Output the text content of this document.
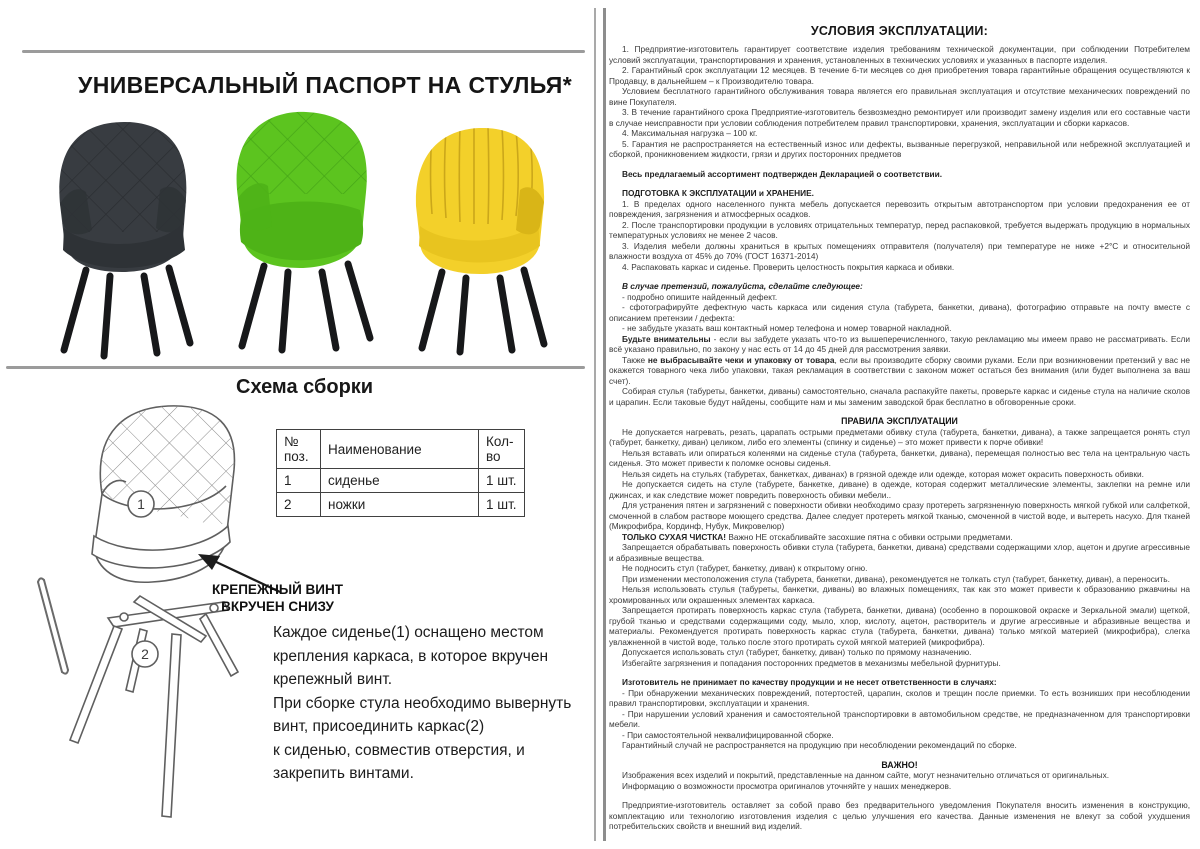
УНИВЕРСАЛЬНЫЙ ПАСПОРТ НА СТУЛЬЯ*
Схема сборки
1
2
№ поз.	Наименование	Кол-во
1	сиденье	1 шт.
2	ножки	1 шт.
КРЕПЕЖНЫЙ ВИНТ
ВКРУЧЕН СНИЗУ
Каждое сиденье(1) оснащено местом
крепления каркаса, в которое вкручен
крепежный винт.
При сборке стула необходимо вывернуть
винт, присоединить каркас(2)
к сиденью, совместив отверстия, и
закрепить винтами.

УСЛОВИЯ ЭКСПЛУАТАЦИИ:

1. Предприятие-изготовитель гарантирует соответствие изделия требованиям технической документации, при соблюдении Потребителем условий эксплуатации, транспортирования и хранения, установленных в технических условиях и указанных в паспорте изделия.

2. Гарантийный срок эксплуатации 12 месяцев. В течение 6-ти месяцев со дня приобретения товара гарантийные обращения осуществляются к Продавцу, в дальнейшем – к Производителю товара.

Условием бесплатного гарантийного обслуживания товара является его правильная эксплуатация и отсутствие механических повреждений по вине Покупателя.

3. В течение гарантийного срока Предприятие-изготовитель безвозмездно ремонтирует или производит замену изделия или его составные части в случае неисправности при условии соблюдения потребителем правил транспортировки, хранения, эксплуатации и сборки каркасов.

4. Максимальная нагрузка – 100 кг.

5. Гарантия не распространяется на естественный износ или дефекты, вызванные перегрузкой, неправильной или небрежной эксплуатацией и сборкой, проникновением жидкости, грязи и других посторонних предметов

Весь предлагаемый ассортимент подтвержден Декларацией о соответствии.

ПОДГОТОВКА К ЭКСПЛУАТАЦИИ и ХРАНЕНИЕ.

1. В пределах одного населенного пункта мебель допускается перевозить открытым автотранспортом при условии предохранения ее от повреждения, загрязнения и атмосферных осадков.

2. После транспортировки продукции в условиях отрицательных температур, перед распаковкой, требуется выдержать продукцию в нормальных температурных условиях не менее 2 часов.

3. Изделия мебели должны храниться в крытых помещениях отправителя (получателя) при температуре не ниже +2°С и относительной влажности воздуха от 45% до 70% (ГОСТ 16371-2014)

4. Распаковать каркас и сиденье. Проверить целостность покрытия каркаса и обивки.

В случае претензий, пожалуйста, сделайте следующее:

- подробно опишите найденный дефект.

- сфотографируйте дефектную часть каркаса или сидения стула (табурета, банкетки, дивана), фотографию отправьте на почту вместе с описанием претензии / дефекта:

- не забудьте указать ваш контактный номер телефона и номер товарной накладной.

Будьте внимательны - если вы забудете указать что-то из вышеперечисленного, такую рекламацию мы имеем право не рассматривать. Если всё указано правильно, по закону у нас есть от 14 до 45 дней для рассмотрения заявки.

Также не выбрасывайте чеки и упаковку от товара, если вы производите сборку своими руками. Если при возникновении претензий у вас не окажется товарного чека либо упаковки, такая рекламация в соответствии с законом может остаться без внимания (или будет выполнена за ваш счет).

Собирая стулья (табуреты, банкетки, диваны) самостоятельно, сначала распакуйте пакеты, проверьте каркас и сиденье стула на наличие сколов и царапин. Если таковые будут найдены, сообщите нам и мы заменим заводской брак бесплатно в обговоренные сроки.

ПРАВИЛА ЭКСПЛУАТАЦИИ

Не допускается нагревать, резать, царапать острыми предметами обивку стула (табурета, банкетки, дивана), а также запрещается ронять стул (табурет, банкетку, диван) целиком, либо его элементы (спинку и сиденье) – это может привести к порче обивки!

Нельзя вставать или опираться коленями на сиденье стула (табурета, банкетки, дивана), перемещая полностью вес тела на центральную часть сиденья. Это может привести к поломке основы сиденья.

Нельзя сидеть на стульях (табуретах, банкетках, диванах) в грязной одежде или одежде, которая может окрасить поверхность обивки.

Не допускается сидеть на стуле (табурете, банкетке, диване) в одежде, которая содержит металлические элементы, заклепки на ремне или джинсах, и как следствие может повредить поверхность обивки мебели..

Для устранения пятен и загрязнений с поверхности обивки необходимо сразу протереть загрязненную поверхность мягкой губкой или салфеткой, смоченной в слабом растворе моющего средства. Далее следует протереть мягкой тканью, смоченной в чистой воде, и вытереть насухо. Для тканей (Микрофибра, Кординф, Нубук, Микровелюр)

ТОЛЬКО СУХАЯ ЧИСТКА! Важно НЕ отскабливайте засохшие пятна с обивки острыми предметами.

Запрещается обрабатывать поверхность обивки стула (табурета, банкетки, дивана) средствами содержащими хлор, ацетон и другие агрессивные и абразивные вещества.

Не подносить стул (табурет, банкетку, диван) к открытому огню.

При изменении местоположения стула (табурета, банкетки, дивана), рекомендуется не толкать стул (табурет, банкетку, диван), а переносить.

Нельзя использовать стулья (табуреты, банкетки, диваны) во влажных помещениях, так как это может привести к образованию ржавчины на хромированных или окрашенных элементах каркаса.

Запрещается протирать поверхность каркас стула (табурета, банкетки, дивана) (особенно в порошковой окраске и Зеркальной эмали) щеткой, грубой тканью и средствами содержащими соду, мыло, хлор, кислоту, ацетон, растворитель и другие агрессивные и абразивные вещества и материалы. Рекомендуется протирать поверхность каркас стула (табурета, банкетки, дивана) только мягкой материей (микрофибра), слегка увлажненной в чистой воде, только после этого протирать сухой мягкой материей (микрофибра).

Допускается использовать стул (табурет, банкетку, диван) только по прямому назначению.

Избегайте загрязнения и попадания посторонних предметов в механизмы мебельной фурнитуры.

Изготовитель не принимает по качеству продукции и не несет ответственности в случаях:

- При обнаружении механических повреждений, потертостей, царапин, сколов и трещин после приемки. То есть возникших при несоблюдении правил транспортировки, эксплуатации и хранения.

- При нарушении условий хранения и самостоятельной транспортировки в автомобильном средстве, не предназначенном для транспортировки мебели.

- При самостоятельной неквалифицированной сборке.

Гарантийный случай не распространяется на продукцию при несоблюдении рекомендаций по сборке.

ВАЖНО!

Изображения всех изделий и покрытий, представленные на данном сайте, могут незначительно отличаться от оригинальных.

Информацию о возможности просмотра оригиналов уточняйте у наших менеджеров.

Предприятие-изготовитель оставляет за собой право без предварительного уведомления Покупателя вносить изменения в конструкцию, комплектацию или технологию изготовления изделия с целью улучшения его качества. Данные изменения не влекут за собой ухудшения потребительских свойств и внешний вид изделий.
